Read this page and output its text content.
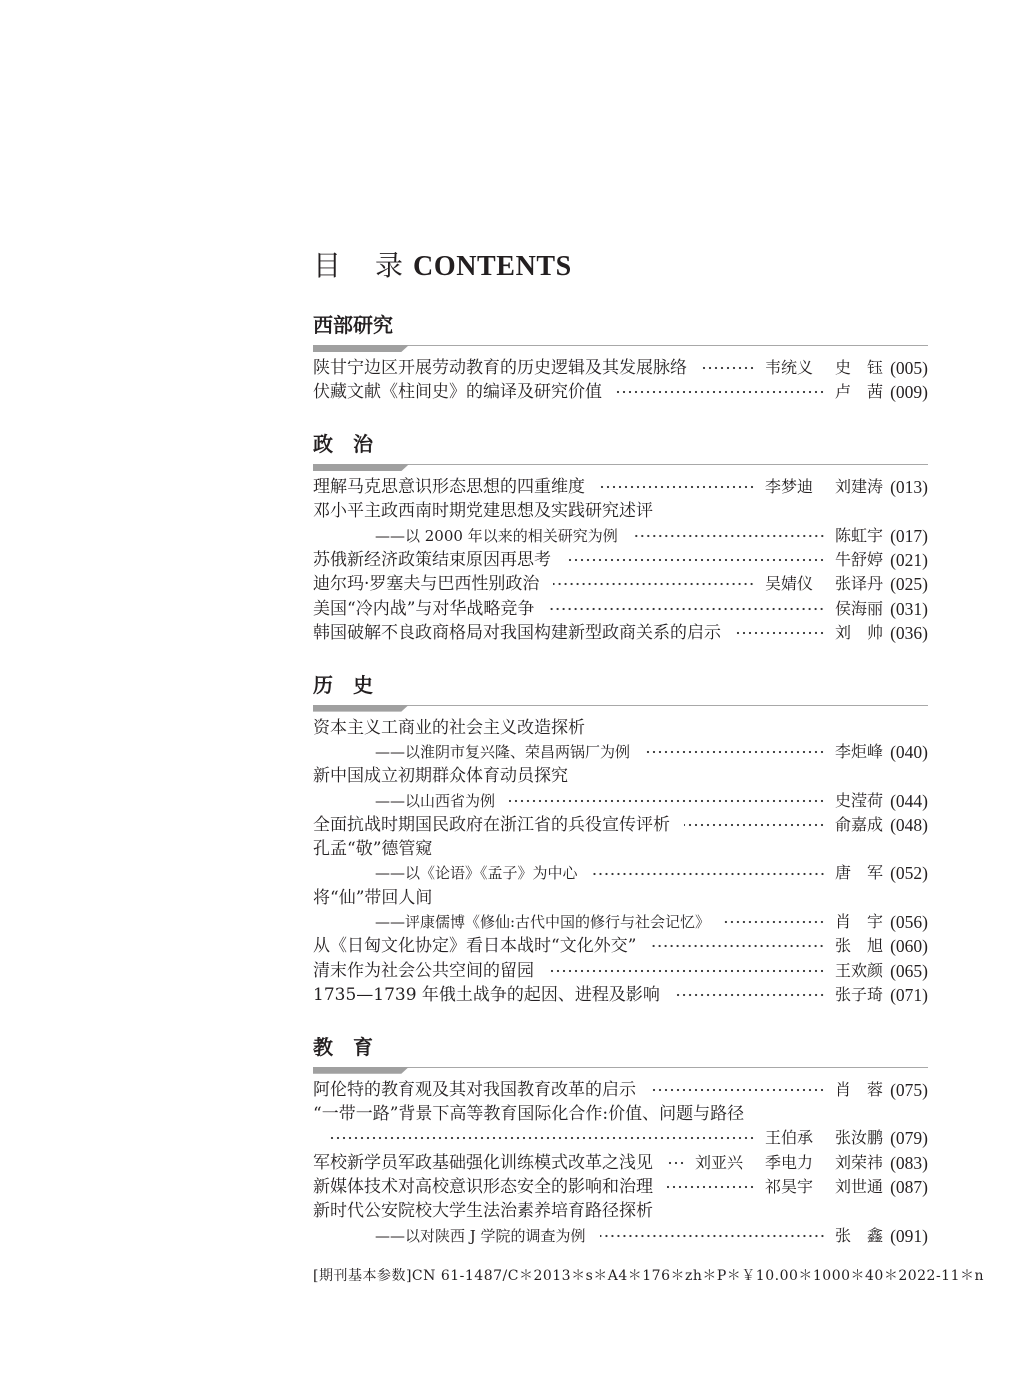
目　录 CONTENTS
西部研究
陕甘宁边区开展劳动教育的历史逻辑及其发展脉络	韦统义 史　钰 (005)
伏藏文献《柱间史》的编译及研究价值	卢　茜 (009)
政　治
理解马克思意识形态思想的四重维度	李梦迪 刘建涛 (013)
邓小平主政西南时期党建思想及实践研究述评
——以 2000 年以来的相关研究为例	陈虹宇 (017)
苏俄新经济政策结束原因再思考	牛舒婷 (021)
迪尔玛·罗塞夫与巴西性别政治	吴婧仪 张译丹 (025)
美国“冷内战”与对华战略竞争	侯海丽 (031)
韩国破解不良政商格局对我国构建新型政商关系的启示	刘　帅 (036)
历　史
资本主义工商业的社会主义改造探析
——以淮阴市复兴隆、荣昌两锅厂为例	李炬峰 (040)
新中国成立初期群众体育动员探究
——以山西省为例	史滢荷 (044)
全面抗战时期国民政府在浙江省的兵役宣传评析	俞嘉成 (048)
孔孟“敬”德管窥
——以《论语》《孟子》为中心	唐　军 (052)
将“仙”带回人间
——评康儒博《修仙:古代中国的修行与社会记忆》	肖　宇 (056)
从《日匈文化协定》看日本战时“文化外交”	张　旭 (060)
清末作为社会公共空间的留园	王欢颜 (065)
1735—1739 年俄土战争的起因、进程及影响	张子琦 (071)
教　育
阿伦特的教育观及其对我国教育改革的启示	肖　蓉 (075)
“一带一路”背景下高等教育国际化合作:价值、问题与路径
王伯承 张汝鹏 (079)
军校新学员军政基础强化训练模式改革之浅见	刘亚兴 季电力 刘荣祎 (083)
新媒体技术对高校意识形态安全的影响和治理	祁昊宇 刘世通 (087)
新时代公安院校大学生法治素养培育路径探析
——以对陕西 J 学院的调查为例	张　鑫 (091)
[期刊基本参数]CN 61-1487/C＊2013＊s＊A4＊176＊zh＊P＊￥10.00＊1000＊40＊2022-11＊n
